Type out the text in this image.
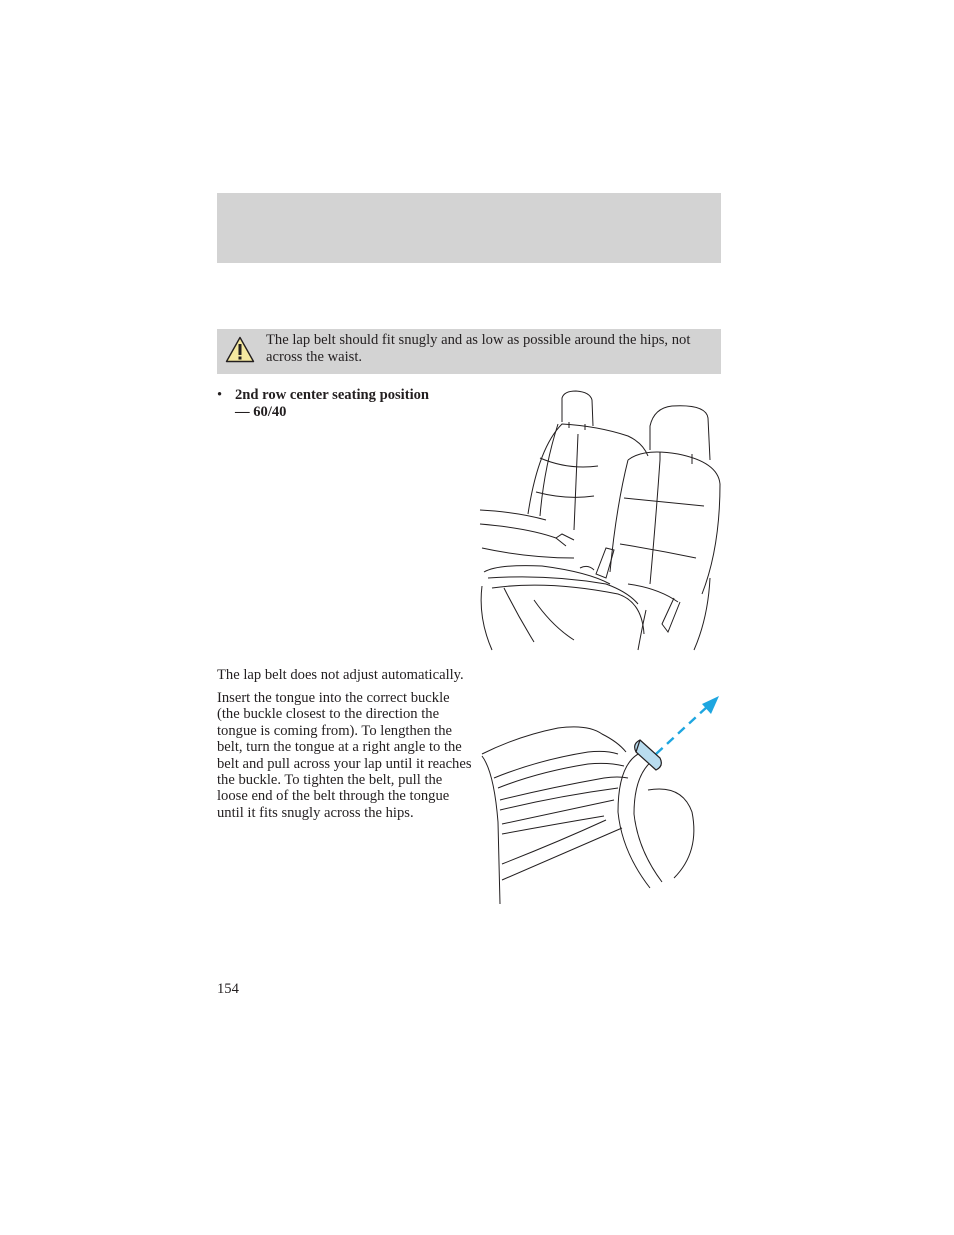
The lap belt should fit snugly and as low as possible around the hips, not across the waist.
• 2nd row center seating position — 60/40
The lap belt does not adjust automatically.
Insert the tongue into the correct buckle (the buckle closest to the direction the tongue is coming from). To lengthen the belt, turn the tongue at a right angle to the belt and pull across your lap until it reaches the buckle. To tighten the belt, pull the loose end of the belt through the tongue until it fits snugly across the hips.
154
